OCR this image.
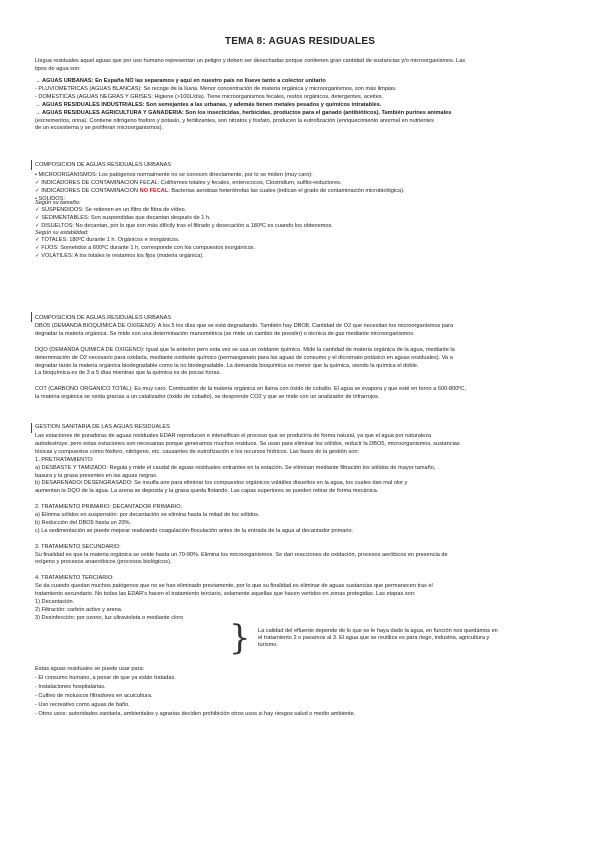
TEMA 8: AGUAS RESIDUALES
Llegua residuales aquel aguas que por uso humano representan un peligro y deben ser desechadas porque contienen gran cantidad de sustancias y/o microorganismos. Las
tipos de agua son:
→ AGUAS URBANAS: En España NO las separamos y aquí en nuestro país no llueve tanto a colector unitario
- PLUVIOMÉTRICAS (AGUAS BLANCAS): Se recoge de la lluvia. Menor concentración de materia orgánica y microorganismos, son más limpias.
- DOMÉSTICAS (AGUAS NEGRAS Y GRISES: Higiene (>100L/día). Tiene microorganismos fecales, restos orgánicos, detergentes, aceites.
→ AGUAS RESIDUALES INDUSTRIALES: Son semejantes a las urbanas, y además tienen metales pesados y químicos intratables.
→ AGUAS RESIDUALES AGRICULTURA Y GANADERÍA: Son los insecticidas, herbicidas, productos para el ganado (antibióticos). También purines animales
(excrementos, orina). Contiene nitrógeno fosforo y potasio, y fertilizantes, son nitratos y fosfato, producen la eutrofización (enriquecimiento anormal en nutrientes
de un ecosistema y se proliferan microorganismos).
COMPOSICIÓN DE AGUAS RESIDUALES URBANAS
• MICROORGANISMOS: Los patógenos normalmente no se conocen directamente, por lo se miden (muy caro):
✓ INDICADORES DE CONTAMINACIÓN FECAL: Coliformes totales y fecales, enterococos, Clostridium, sulfito-reductores.
✓ INDICADORES DE CONTAMINACIÓN NO FECAL: Bacterias aerobias heterótrofas las cuales (indican el grado de contaminación microbiológica).
• SÓLIDOS:
Según su tamaño:
✓ SUSPENDIDOS: Se retienen en un filtro de fibra de vídeo.
✓ SEDIMENTABLES: Son suspendidas que decantan después de 1 h.
✓ DISUELTOS: No decantan, por lo que son más difícily tras el filtrado y desecación a 180ºC es cuando los obtenemos.
Según su estabilidad:
✓ TOTALES: 180ºC durante 1 h. Orgánicos e inorgánicos.
✓ FIJOS: Sometidos a 600ºC durante 1 h, corresponde con los compuestos inorgánicos.
✓ VOLÁTILES: A los totales le restamos los fijos (materia orgánica).
COMPOSICIÓN DE AGUAS RESIDUALES URBANAS
DBO5 (DEMANDA BIOQUÍMICA DE OXÍGENO): A los 5 los días que se está degradando. También hay DBO8. Cantidad de O2 que necesitan los microorganismos para
degradar la materia orgánica. Se mide con una determinación manométrica (se mide un cambio de presión) o técnica de gas mediante microorganismos.
DQO (DEMANDA QUÍMICA DE OXÍGENO): Igual que la anterior pero esta vez se usa un oxidante químico. Mide la cantidad de materia orgánica de la agua, mediante la
determinación de O2 necesario para oxidarla, mediante oxidante químico (permanganato para las aguas de consumo y el dicromato potásico en aguas residuales). Va a
degradar tanto la materia orgánica biodegradable como la no biodegradable. La demanda bioquímica es menor que la química, siendo la química el doble.
La bioquímica es de 3 a 5 días mientras que la química es de pocas horas.
COT (CARBONO ORGÁNICO TOTAL): Es muy caro. Combustión de la materia orgánica en llama con óxido de cobalto. El agua se evapora y que esté en torno a 600-800ºC,
la materia orgánica se oxida gracias a un catalizador (óxido de cobalto), se desprende CO2 y que se mide con un analizador de infrarrojos.
GESTIÓN SANITARIA DE LAS AGUAS RESIDUALES
Las estaciones de puradoras de aguas residuales EDAR reproducen e intensifican el proceso que se produciría de forma natural, ya que el agua por naturaleza
autodestruye, pero estas estaciones son necesarias porque generamos muchos residuos. Se usan para eliminar los sólidos, reducir la DBO5, microorganismos, sustancias
tóxicas y compuestos como fósforo, nitrógeno, etc. causantes de eutrofización e los recursos hídricos. Las fases de la gestión son:
1. PRETRATAMIENTO:
a) DESBASTE Y TAMIZADO: Regula y mide el caudal de aguas residuales entrantes en la estación. Se eliminan mediante filtración los sólidos de mayor tamaño,
basura y la grasa presentes en las aguas negras.
b) DESARENADO/ DESENGRASADO: Se insufla aire para eliminar los compuestos orgánicos volátiles disueltos en la agua, los cuales dan mal olor y
aumentan la DQO de la agua. La arena se deposita y la grasa queda flotando. Las capas superiores se pueden retirar de forma mecánica.
2. TRATAMIENTO PRIMARIO: DECANTADOR PRIMARIO.
a) Elimina sólidos en suspensión: por decantación se elimina hasta la mitad de los sólidos.
b) Reducción del DBO5 hasta un 20%.
c) La sedimentación se puede mejorar realizando coagulación-floculación antes de la entrada de la agua al decantador primario.
3. TRATAMIENTO SECUNDARIO:
Su finalidad es que la materia orgánica se oxide hasta un 70-90%. Elimina los microorganismos. Se dan reacciones de oxidación, procesos aeróbicos en presencia de
oxígeno y procesos anaeróbicos (procesos biológicos).
4. TRATAMIENTO TERCIARIO:
Se da cuando quedan muchos patógenos que no se han eliminado previamente, por lo que su finalidad es eliminar de aguas sustancias que permanecen tras el
tratamiento secundario. No todas las EDAR's hacen el tratamiento terciario, solamente aquellas que hacen vertidos en zonas protegidas. Las etapas son:
1) Decantación.
2) Filtración: carbón activo y arena.
3) Desinfección: por ozono, luz ultravioleta o mediante cloro
Estas aguas residuales se puede usar para:
- El consumo humano, a pesar de que ya están tratadas.
- Instalaciones hospitalarias.
- Cultivo de moluscos filtradores en acuicultura.
- Uso recreativo como aguas de baño.
- Otros usos: autoridades sanitaria, ambientales y agrarias deciden prohibición otros usos si hay riesgos salud o medio ambiente.
} La calidad del efluente depende de lo que se le haya dado la agua, en función nos quedamos en
el tratamiento 2 o pasamos al 3. El agua que se reutiliza es para riego, industria, agricultura y
turismo.
